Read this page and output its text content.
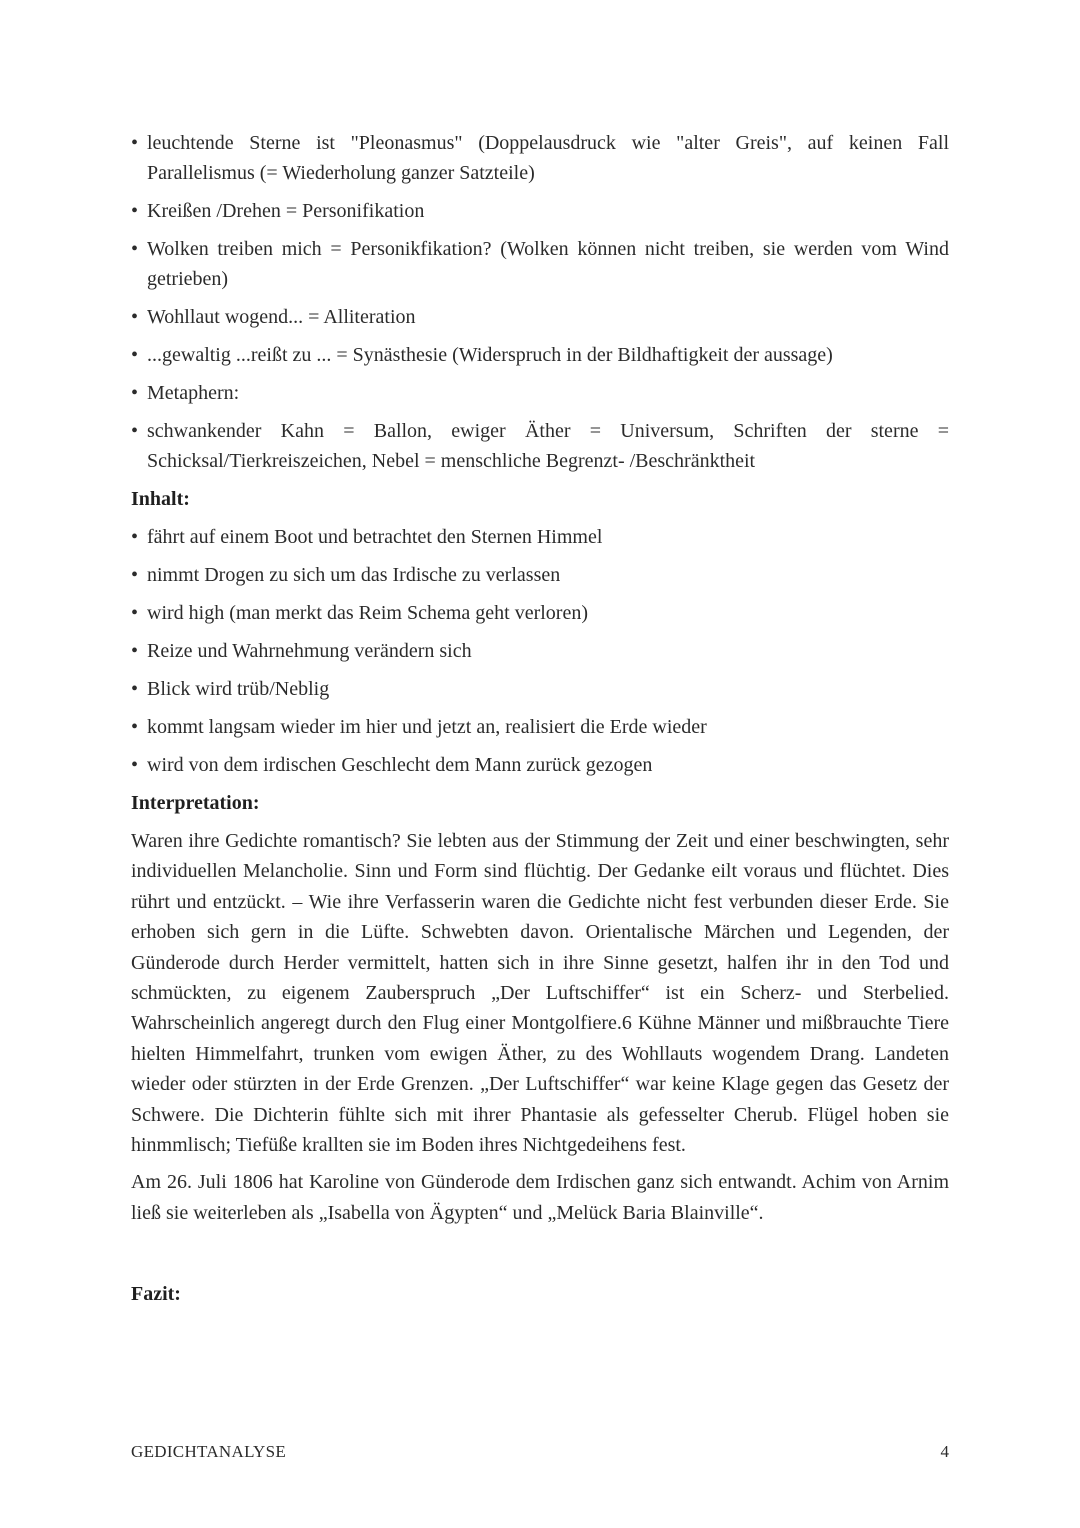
• leuchtende Sterne ist "Pleonasmus" (Doppelausdruck wie "alter Greis", auf keinen Fall Parallelismus (= Wiederholung ganzer Satzteile)
• Kreißen /Drehen = Personifikation
• Wolken treiben mich = Personikfikation? (Wolken können nicht treiben, sie werden vom Wind getrieben)
• Wohllaut wogend... = Alliteration
• ...gewaltig ...reißt zu ... = Synästhesie (Widerspruch in der Bildhaftigkeit der aussage)
• Metaphern:
• schwankender Kahn = Ballon, ewiger Äther = Universum, Schriften der sterne = Schicksal/Tierkreiszeichen, Nebel = menschliche Begrenzt- /Beschränktheit
Inhalt:
• fährt auf einem Boot und betrachtet den Sternen Himmel
• nimmt Drogen zu sich um das Irdische zu verlassen
• wird high (man merkt das Reim Schema geht verloren)
• Reize und Wahrnehmung verändern sich
• Blick wird trüb/Neblig
• kommt langsam wieder im hier und jetzt an, realisiert die Erde wieder
• wird von dem irdischen Geschlecht dem Mann zurück gezogen
Interpretation:

Waren ihre Gedichte romantisch? Sie lebten aus der Stimmung der Zeit und einer beschwingten, sehr individuellen Melancholie. Sinn und Form sind flüchtig. Der Gedanke eilt voraus und flüchtet. Dies rührt und entzückt. – Wie ihre Verfasserin waren die Gedichte nicht fest verbunden dieser Erde. Sie erhoben sich gern in die Lüfte. Schwebten davon. Orientalische Märchen und Legenden, der Günderode durch Herder vermittelt, hatten sich in ihre Sinne gesetzt, halfen ihr in den Tod und schmückten, zu eigenem Zauberspruch „Der Luftschiffer“ ist ein Scherz- und Sterbelied. Wahrscheinlich angeregt durch den Flug einer Montgolfiere.6 Kühne Männer und mißbrauchte Tiere hielten Himmelfahrt, trunken vom ewigen Äther, zu des Wohllauts wogendem Drang. Landeten wieder oder stürzten in der Erde Grenzen. „Der Luftschiffer“ war keine Klage gegen das Gesetz der Schwere. Die Dichterin fühlte sich mit ihrer Phantasie als gefesselter Cherub. Flügel hoben sie hinmmlisch; Tiefüße krallten sie im Boden ihres Nichtgedeihens fest.

Am 26. Juli 1806 hat Karoline von Günderode dem Irdischen ganz sich entwandt. Achim von Arnim ließ sie weiterleben als „Isabella von Ägypten“ und „Melück Baria Blainville“.

Fazit:
GEDICHTANALYSE	4
